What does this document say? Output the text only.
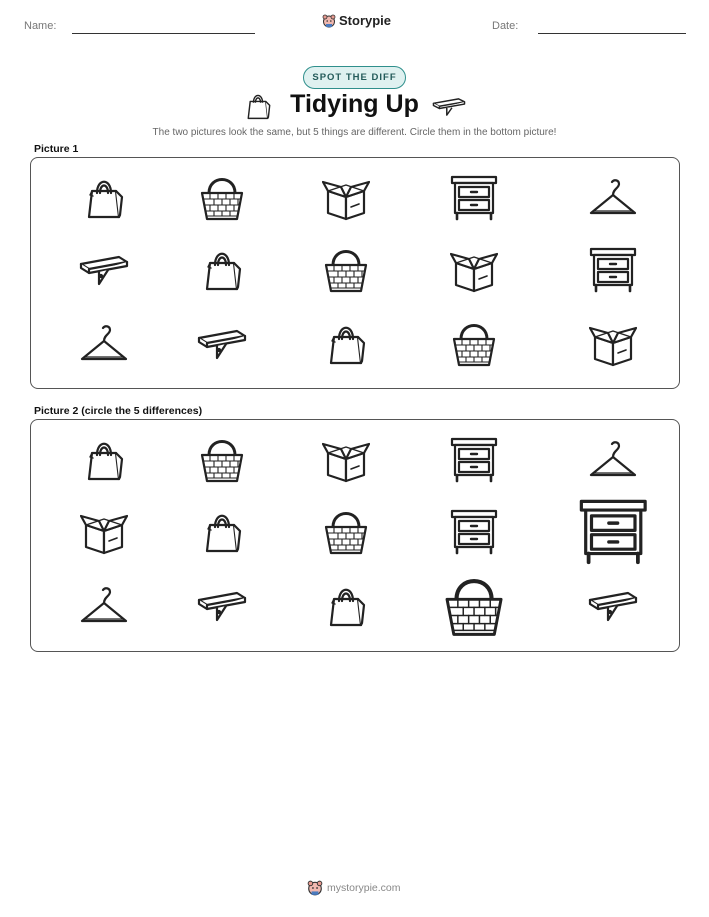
Name:	Storypie	Date:
SPOT THE DIFF
Tidying Up
The two pictures look the same, but 5 things are different. Circle them in the bottom picture!
Picture 1
Picture 2 (circle the 5 differences)
mystorypie.com
